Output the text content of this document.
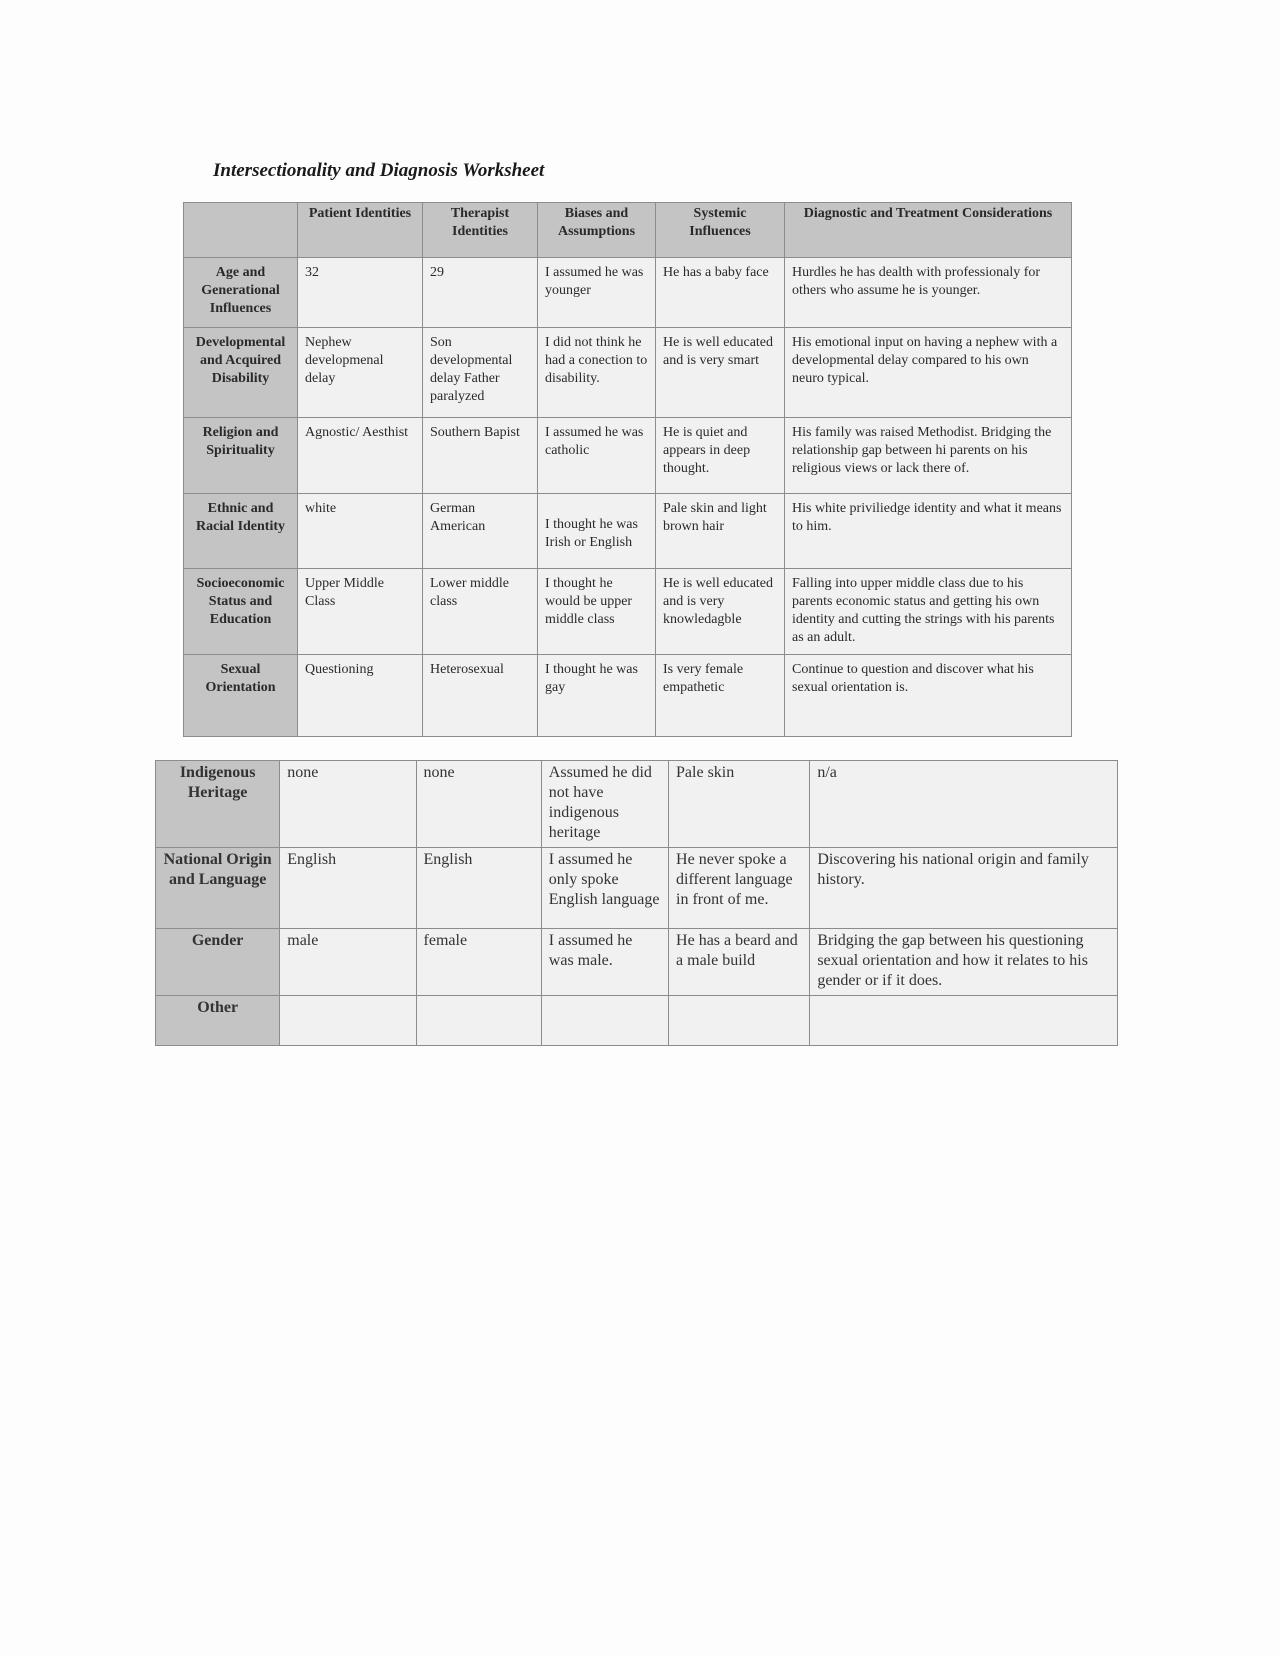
Intersectionality and Diagnosis Worksheet
	Patient Identities	Therapist Identities	Biases and Assumptions	Systemic Influences	Diagnostic and Treatment Considerations
Age and Generational Influences	32	29	I assumed he was younger	He has a baby face	Hurdles he has dealth with professionaly for others who assume he is younger.
Developmental and Acquired Disability	Nephew developmenal delay	Son developmental delay Father paralyzed	I did not think he had a conection to disability.	He is well educated and is very smart	His emotional input on having a nephew with a developmental delay compared to his own neuro typical.
Religion and Spirituality	Agnostic/ Aesthist	Southern Bapist	I assumed he was catholic	He is quiet and appears in deep thought.	His family was raised Methodist. Bridging the relationship gap between hi parents on his religious views or lack there of.
Ethnic and Racial Identity	white	German American	I thought he was Irish or English	Pale skin and light brown hair	His white priviliedge identity and what it means to him.
Socioeconomic Status and Education	Upper Middle Class	Lower middle class	I thought he would be upper middle class	He is well educated and is very knowledagble	Falling into upper middle class due to his parents economic status and getting his own identity and cutting the strings with his parents as an adult.
Sexual Orientation	Questioning	Heterosexual	I thought he was gay	Is very female empathetic	Continue to question and discover what his sexual orientation is.
Indigenous Heritage	none	none	Assumed he did not have indigenous heritage	Pale skin	n/a
National Origin and Language	English	English	I assumed he only spoke English language	He never spoke a different language in front of me.	Discovering his national origin and family history.
Gender	male	female	I assumed he was male.	He has a beard and a male build	Bridging the gap between his questioning sexual orientation and how it relates to his gender or if it does.
Other					
